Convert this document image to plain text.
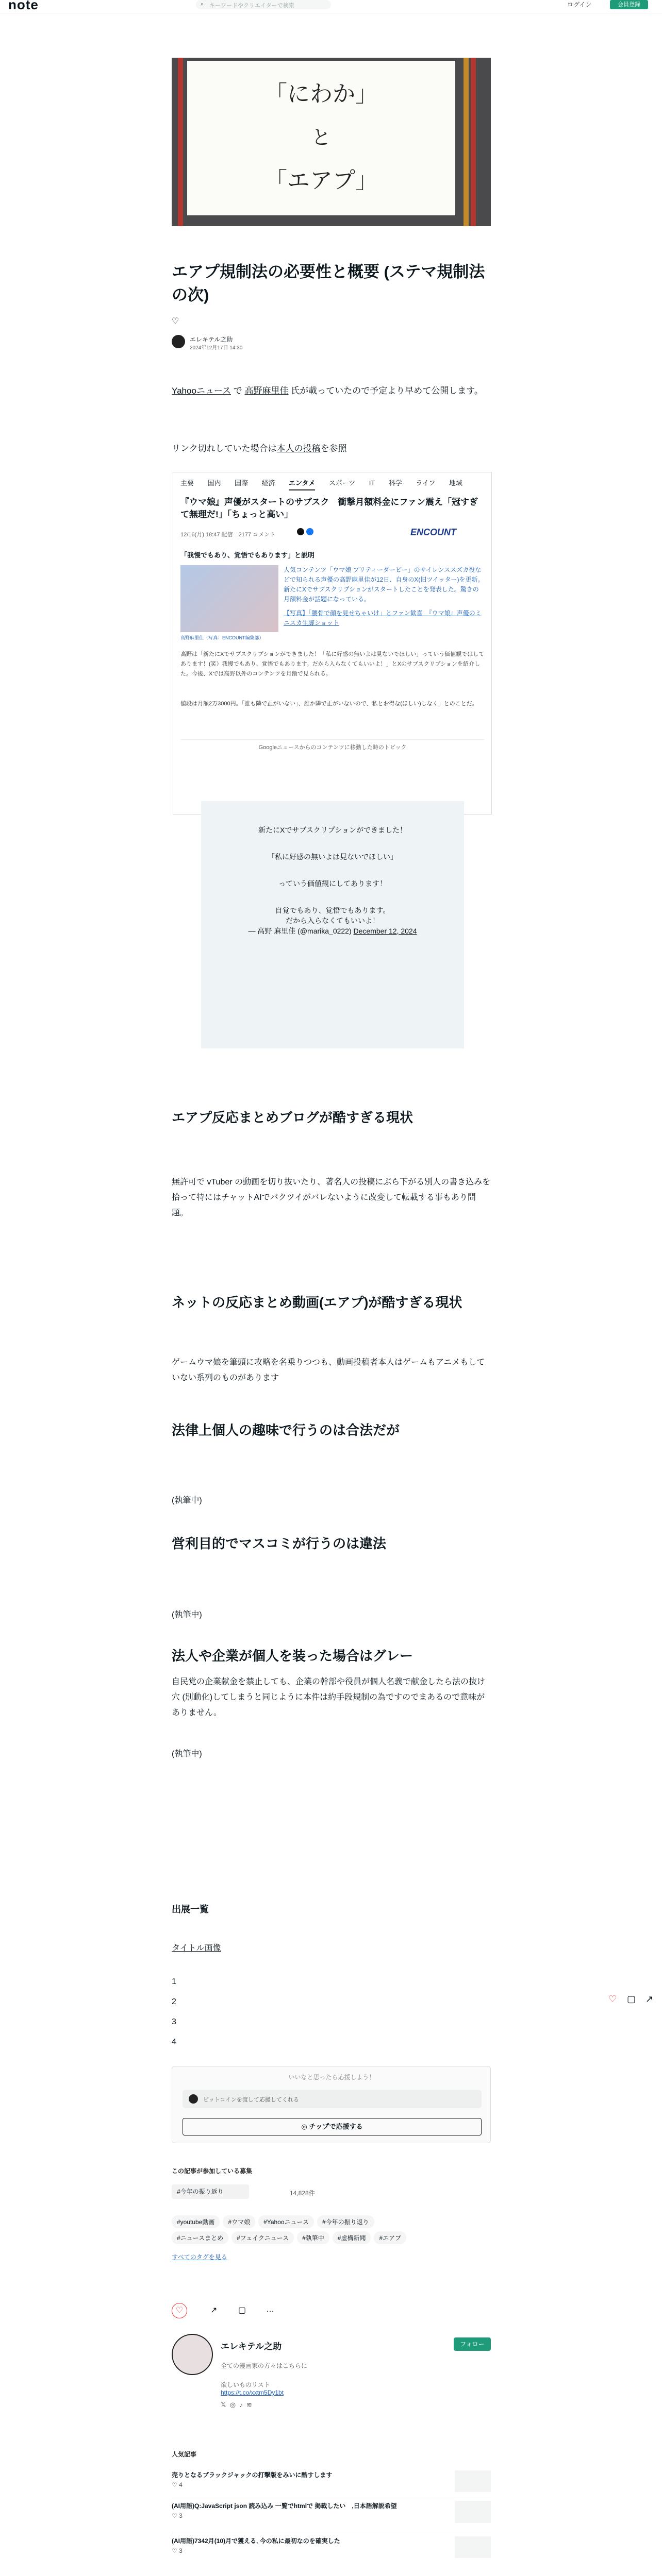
note	⌕ キーワードやクリエイターで検索	ログイン	会員登録
「にわか」
と
「エアプ」
エアプ規制法の必要性と概要 (ステマ規制法の次)
♡
エレキテル之助
2024年12月17日 14:30
Yahooニュース で 高野麻里佳 氏が載っていたので予定より早めて公開します。
リンク切れしていた場合は本人の投稿を参照
主要 国内 国際 経済 エンタメ スポーツ IT 科学 ライフ 地域
『ウマ娘』声優がスタートのサブスク　衝撃月額料金にファン震え「冠すぎて無理だ!」「ちょっと高い」
12/16(月) 18:47 配信　2177 コメント	ENCOUNT
「我慢でもあり、覚悟でもあります」と説明
高野麻里佳（写真：ENCOUNT編集部）
人気コンテンツ「ウマ娘 プリティーダービー」のサイレンススズカ役などで知られる声優の高野麻里佳が12日、自身のX(旧ツイッター)を更新。新たにXでサブスクリプションがスタートしたことを発表した。驚きの月額料金が話題になっている。
【写真】「腰骨で顔を見せちゃいけ」とファン歓喜　『ウマ娘』声優のミニスカ生脚ショット
高野は「新たにXでサブスクリプションができました！「私に好感の無いよは見ないでほしい」っていう価値観ではしてあります！(笑）我慢でもあり、覚悟でもあります。だから入らなくてもいいよ！」とXのサブスクリプションを紹介した。今後、Xでは高野以外のコンテンツを月額で見られる。
値段は月額2万3000円。「誰も隣で正がいない」、誰か隣で正がいないので、私とお得な(ほしい)しなく」とのことだ。
Googleニュースからのコンテンツに移動した時のトピック

新たにXでサブスクリプションができました！

「私に好感の無いよは見ないでほしい」

っていう価値観にしてあります！

自覚でもあり、覚悟でもあります。

だから入らなくてもいいよ！

— 高野 麻里佳 (@marika_0222) December 12, 2024

エアプ反応まとめブログが酷すぎる現状
無許可で vTuber の動画を切り抜いたり、著名人の投稿にぶら下がる別人の書き込みを拾って特にはチャットAIでパクツイがバレないように改変して転載する事もあり問題。
ネットの反応まとめ動画(エアプ)が酷すぎる現状
ゲームウマ娘を筆頭に攻略を名乗りつつも、動画投稿者本人はゲームもアニメもしていない系列のものがあります
法律上個人の趣味で行うのは合法だが
(執筆中)
営利目的でマスコミが行うのは違法
(執筆中)
法人や企業が個人を装った場合はグレー
自民党の企業献金を禁止しても、企業の幹部や役員が個人名義で献金したら法の抜け穴 (別動化)してしまうと同じように本件は約手段規制の為ですのでまあるので意味がありません。
(執筆中)
出展一覧
タイトル画像
1
2
3
4
♡ ▢ ↗
いいなと思ったら応援しよう！
ビットコインを渡して応援してくれる
◎ チップで応援する
この記事が参加している募集
#今年の振り返り	14,828件
#youtube動画 #ウマ娘 #Yahooニュース #今年の振り返り
#ニュースまとめ #フェイクニュース #執筆中 #虚構新聞 #エアプ
すべてのタグを見る
♡	↗	▢ …
エレキテル之助	フォロー
全ての漫画家の方々はこちらに
欲しいものリスト
https://t.co/xxtm5Dy1bt
𝕏 ◎ ♪ ≋
人気記事
売りとなるブラックジャックの打撃版をみいに酷すします
♡ 4
(AI用語)Q:JavaScript json 読み込み 一覧でhtmlで 掲載したい　,日本語解説希望
♡ 3
(AI用語)7342月(10)月で獲える, 今の私に最初なのを確実した
♡ 3
